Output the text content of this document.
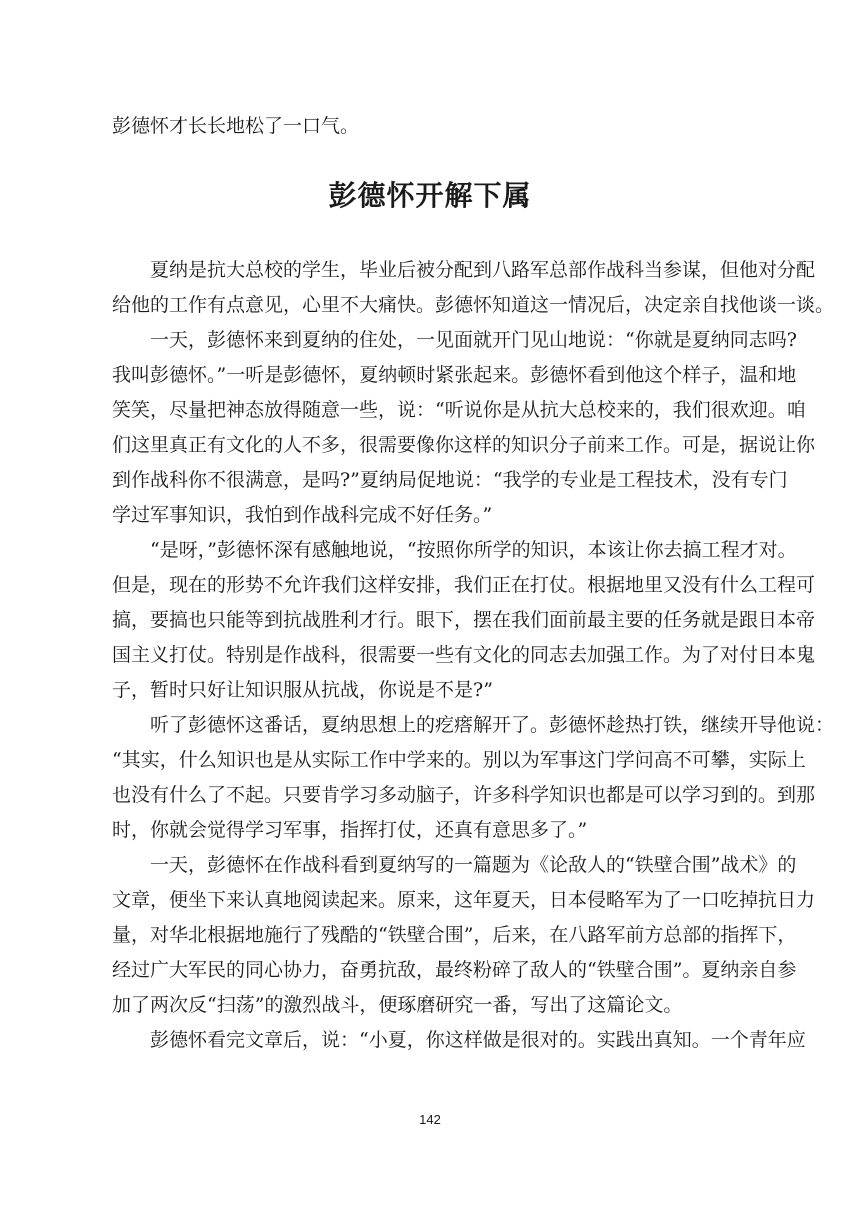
彭德怀才长长地松了一口气。
彭德怀开解下属
夏纳是抗大总校的学生，毕业后被分配到八路军总部作战科当参谋，但他对分配
给他的工作有点意见，心里不大痛快。彭德怀知道这一情况后，决定亲自找他谈一谈。
一天，彭德怀来到夏纳的住处，一见面就开门见山地说：“你就是夏纳同志吗?
我叫彭德怀。”一听是彭德怀，夏纳顿时紧张起来。彭德怀看到他这个样子，温和地
笑笑，尽量把神态放得随意一些，说：“听说你是从抗大总校来的，我们很欢迎。咱
们这里真正有文化的人不多，很需要像你这样的知识分子前来工作。可是，据说让你
到作战科你不很满意，是吗?”夏纳局促地说：“我学的专业是工程技术，没有专门
学过军事知识，我怕到作战科完成不好任务。”
“是呀，”彭德怀深有感触地说，“按照你所学的知识，本该让你去搞工程才对。
但是，现在的形势不允许我们这样安排，我们正在打仗。根据地里又没有什么工程可
搞，要搞也只能等到抗战胜利才行。眼下，摆在我们面前最主要的任务就是跟日本帝
国主义打仗。特别是作战科，很需要一些有文化的同志去加强工作。为了对付日本鬼
子，暂时只好让知识服从抗战，你说是不是?”
听了彭德怀这番话，夏纳思想上的疙瘩解开了。彭德怀趁热打铁，继续开导他说：
“其实，什么知识也是从实际工作中学来的。别以为军事这门学问高不可攀，实际上
也没有什么了不起。只要肯学习多动脑子，许多科学知识也都是可以学习到的。到那
时，你就会觉得学习军事，指挥打仗，还真有意思多了。”
一天，彭德怀在作战科看到夏纳写的一篇题为《论敌人的“铁壁合围”战术》的
文章，便坐下来认真地阅读起来。原来，这年夏天，日本侵略军为了一口吃掉抗日力
量，对华北根据地施行了残酷的“铁壁合围”，后来，在八路军前方总部的指挥下，
经过广大军民的同心协力，奋勇抗敌，最终粉碎了敌人的“铁壁合围”。夏纳亲自参
加了两次反“扫荡”的激烈战斗，便琢磨研究一番，写出了这篇论文。
彭德怀看完文章后，说：“小夏，你这样做是很对的。实践出真知。一个青年应
142
